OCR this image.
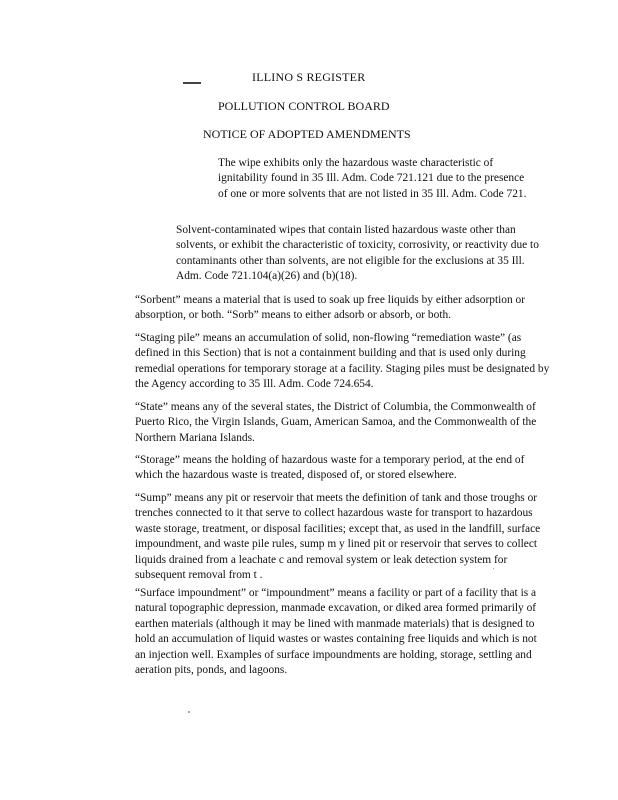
ILLINO S REGISTER
POLLUTION CONTROL BOARD
NOTICE OF ADOPTED AMENDMENTS
The wipe exhibits only the hazardous waste characteristic of ignitability found in 35 Ill. Adm. Code 721.121 due to the presence of one or more solvents that are not listed in 35 Ill. Adm. Code 721.
Solvent-contaminated wipes that contain listed hazardous waste other than solvents, or exhibit the characteristic of toxicity, corrosivity, or reactivity due to contaminants other than solvents, are not eligible for the exclusions at 35 Ill. Adm. Code 721.104(a)(26) and (b)(18).
“Sorbent” means a material that is used to soak up free liquids by either adsorption or absorption, or both. “Sorb” means to either adsorb or absorb, or both.
“Staging pile” means an accumulation of solid, non-flowing “remediation waste” (as defined in this Section) that is not a containment building and that is used only during remedial operations for temporary storage at a facility. Staging piles must be designated by the Agency according to 35 Ill. Adm. Code 724.654.
“State” means any of the several states, the District of Columbia, the Commonwealth of Puerto Rico, the Virgin Islands, Guam, American Samoa, and the Commonwealth of the Northern Mariana Islands.
“Storage” means the holding of hazardous waste for a temporary period, at the end of which the hazardous waste is treated, disposed of, or stored elsewhere.
“Sump” means any pit or reservoir that meets the definition of tank and those troughs or trenches connected to it that serve to collect hazardous waste for transport to hazardous waste storage, treatment, or disposal facilities; except that, as used in the landfill, surface impoundment, and waste pile rules, sump m y lined pit or reservoir that serves to collect liquids drained from a leachate c and removal system or leak detection system for subsequent removal from t .
“Surface impoundment” or “impoundment” means a facility or part of a facility that is a natural topographic depression, manmade excavation, or diked area formed primarily of earthen materials (although it may be lined with manmade materials) that is designed to hold an accumulation of liquid wastes or wastes containing free liquids and which is not an injection well. Examples of surface impoundments are holding, storage, settling and aeration pits, ponds, and lagoons.
